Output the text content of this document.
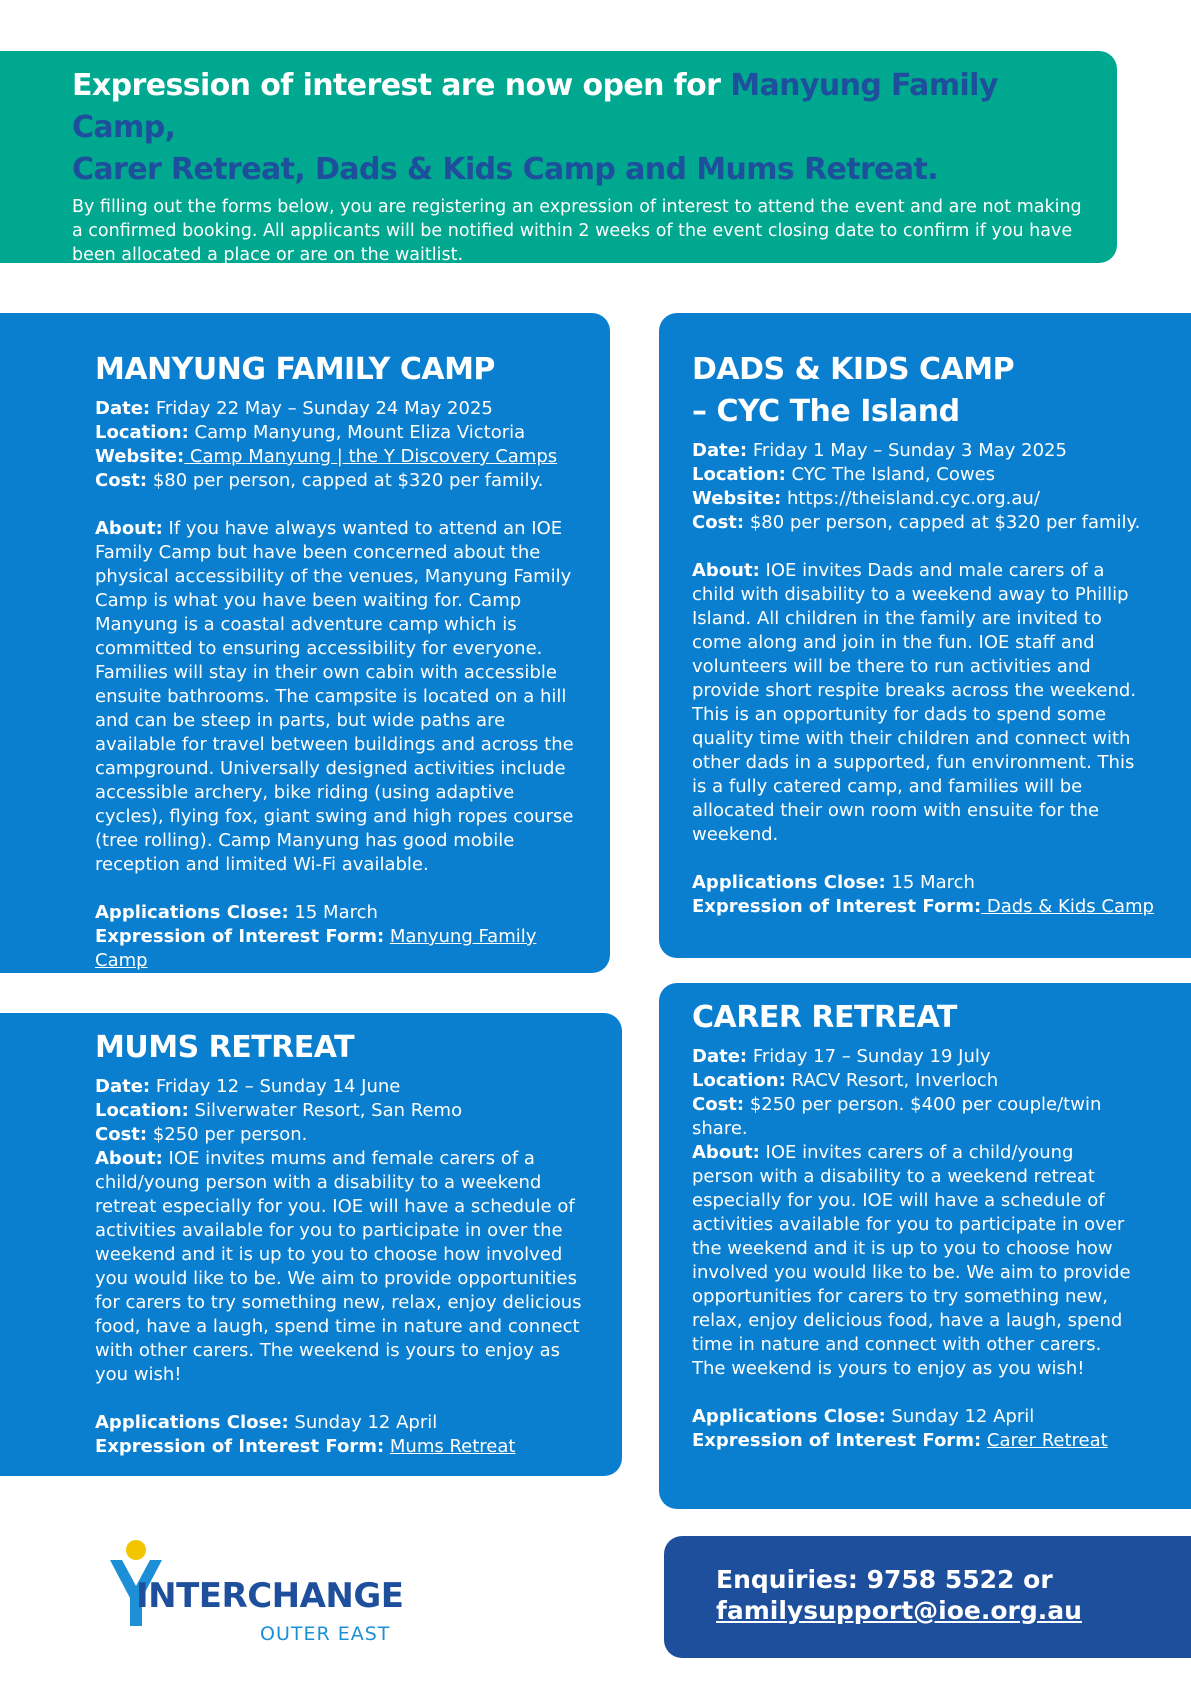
Expression of interest are now open for Manyung Family Camp,
Carer Retreat, Dads & Kids Camp and Mums Retreat.

By filling out the forms below, you are registering an expression of interest to attend the event and are not making a confirmed booking. All applicants will be notified within 2 weeks of the event closing date to confirm if you have been allocated a place or are on the waitlist.

MANYUNG FAMILY CAMP

Date: Friday 22 May – Sunday 24 May 2025

Location: Camp Manyung, Mount Eliza Victoria

Website: Camp Manyung | the Y Discovery Camps

Cost: $80 per person, capped at $320 per family.

About: If you have always wanted to attend an IOE Family Camp but have been concerned about the physical accessibility of the venues, Manyung Family Camp is what you have been waiting for. Camp Manyung is a coastal adventure camp which is committed to ensuring accessibility for everyone. Families will stay in their own cabin with accessible ensuite bathrooms. The campsite is located on a hill and can be steep in parts, but wide paths are available for travel between buildings and across the campground. Universally designed activities include accessible archery, bike riding (using adaptive cycles), flying fox, giant swing and high ropes course (tree rolling). Camp Manyung has good mobile reception and limited Wi-Fi available.

Applications Close: 15 March

Expression of Interest Form: Manyung Family Camp

DADS & KIDS CAMP
– CYC The Island

Date: Friday 1 May – Sunday 3 May 2025

Location: CYC The Island, Cowes

Website: https://theisland.cyc.org.au/

Cost: $80 per person, capped at $320 per family.

About: IOE invites Dads and male carers of a child with disability to a weekend away to Phillip Island. All children in the family are invited to come along and join in the fun. IOE staff and volunteers will be there to run activities and provide short respite breaks across the weekend. This is an opportunity for dads to spend some quality time with their children and connect with other dads in a supported, fun environment. This is a fully catered camp, and families will be allocated their own room with ensuite for the weekend.

Applications Close: 15 March

Expression of Interest Form: Dads & Kids Camp

MUMS RETREAT

Date: Friday 12 – Sunday 14 June

Location: Silverwater Resort, San Remo

Cost: $250 per person.

About: IOE invites mums and female carers of a child/young person with a disability to a weekend retreat especially for you. IOE will have a schedule of activities available for you to participate in over the weekend and it is up to you to choose how involved you would like to be. We aim to provide opportunities for carers to try something new, relax, enjoy delicious food, have a laugh, spend time in nature and connect with other carers. The weekend is yours to enjoy as you wish!

Applications Close: Sunday 12 April

Expression of Interest Form: Mums Retreat

CARER RETREAT

Date: Friday 17 – Sunday 19 July

Location: RACV Resort, Inverloch

Cost: $250 per person. $400 per couple/twin share.

About: IOE invites carers of a child/young person with a disability to a weekend retreat especially for you. IOE will have a schedule of activities available for you to participate in over the weekend and it is up to you to choose how involved you would like to be. We aim to provide opportunities for carers to try something new, relax, enjoy delicious food, have a laugh, spend time in nature and connect with other carers. The weekend is yours to enjoy as you wish!

Applications Close: Sunday 12 April

Expression of Interest Form: Carer Retreat

INTERCHANGE
OUTER EAST
Enquiries: 9758 5522 or
familysupport@ioe.org.au
